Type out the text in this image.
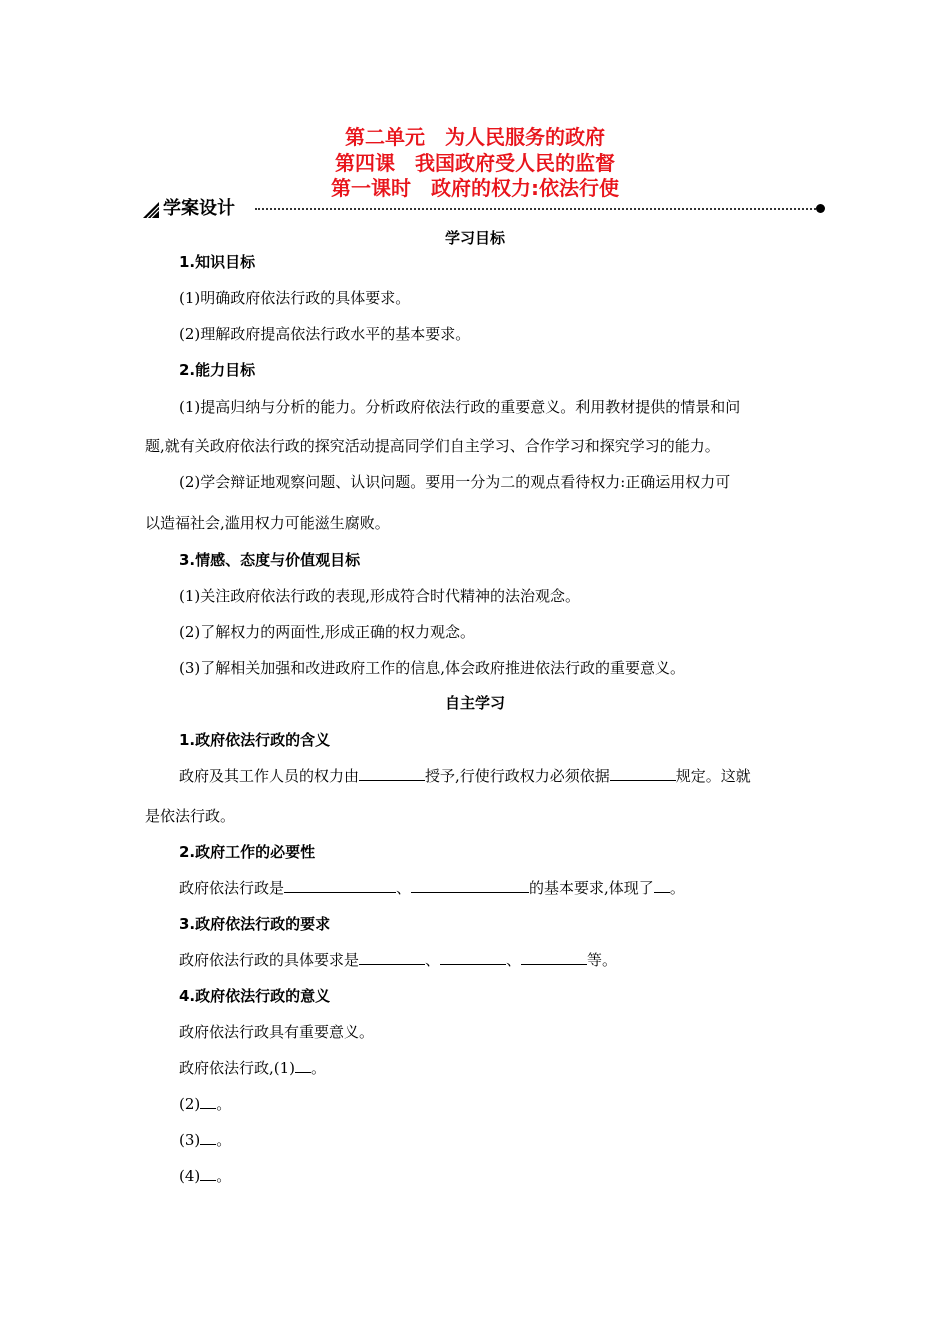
第二单元　为人民服务的政府
第四课　我国政府受人民的监督
第一课时　政府的权力:依法行使
学案设计
学习目标
1.知识目标
(1)明确政府依法行政的具体要求。
(2)理解政府提高依法行政水平的基本要求。
2.能力目标
(1)提高归纳与分析的能力。分析政府依法行政的重要意义。利用教材提供的情景和问
题,就有关政府依法行政的探究活动提高同学们自主学习、合作学习和探究学习的能力。
(2)学会辩证地观察问题、认识问题。要用一分为二的观点看待权力:正确运用权力可
以造福社会,滥用权力可能滋生腐败。
3.情感、态度与价值观目标
(1)关注政府依法行政的表现,形成符合时代精神的法治观念。
(2)了解权力的两面性,形成正确的权力观念。
(3)了解相关加强和改进政府工作的信息,体会政府推进依法行政的重要意义。
自主学习
1.政府依法行政的含义
政府及其工作人员的权力由	授予,行使行政权力必须依据	规定。这就
是依法行政。
2.政府工作的必要性
政府依法行政是	、	的基本要求,体现了 。
3.政府依法行政的要求
政府依法行政的具体要求是	、	、	等。
4.政府依法行政的意义
政府依法行政具有重要意义。
政府依法行政,(1) 。
(2) 。
(3) 。
(4) 。
